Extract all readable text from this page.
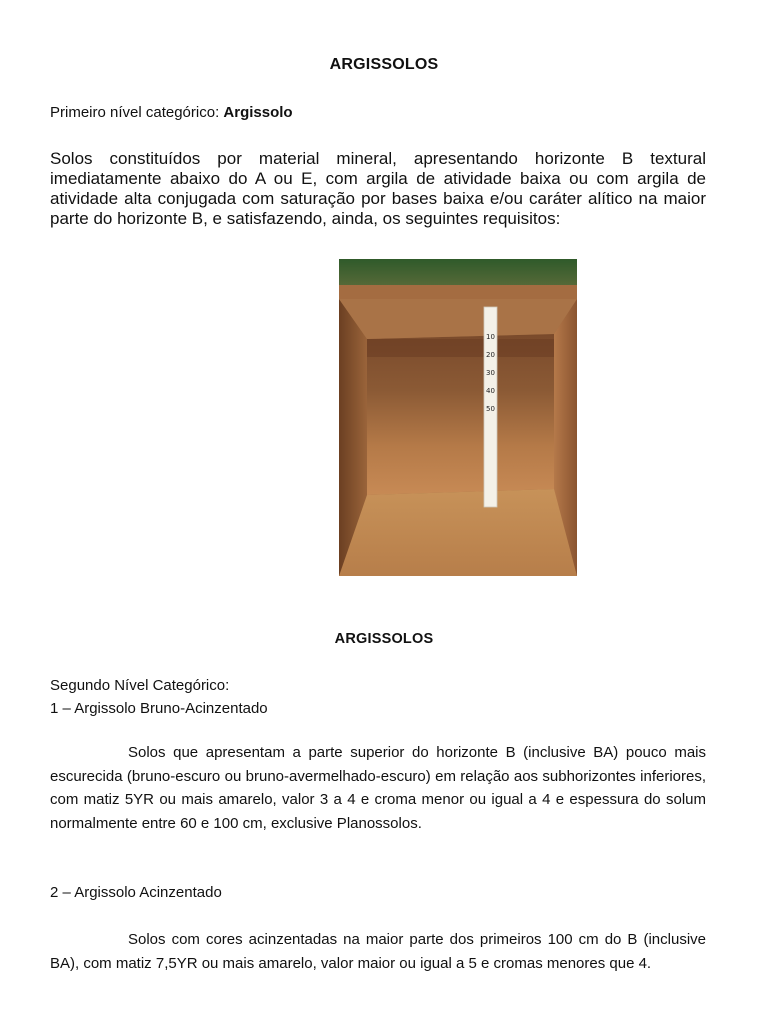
ARGISSOLOS
Primeiro nível categórico: Argissolo
Solos constituídos por material mineral, apresentando horizonte B textural imediatamente abaixo do A ou E, com argila de atividade baixa ou com argila de atividade alta conjugada com saturação por bases baixa e/ou caráter alítico na maior parte do horizonte B, e satisfazendo, ainda, os seguintes requisitos:
10
20
30
40
50
ARGISSOLOS
Segundo Nível Categórico:
1 – Argissolo Bruno-Acinzentado
Solos que apresentam a parte superior do horizonte B (inclusive BA) pouco mais escurecida (bruno-escuro ou bruno-avermelhado-escuro) em relação aos subhorizontes inferiores, com matiz 5YR ou mais amarelo, valor 3 a 4 e croma menor ou igual a 4 e espessura do solum normalmente entre 60 e 100 cm, exclusive Planossolos.
2 – Argissolo Acinzentado
Solos com cores acinzentadas na maior parte dos primeiros 100 cm do B (inclusive BA), com matiz 7,5YR ou mais amarelo, valor maior ou igual a 5 e cromas menores que 4.
